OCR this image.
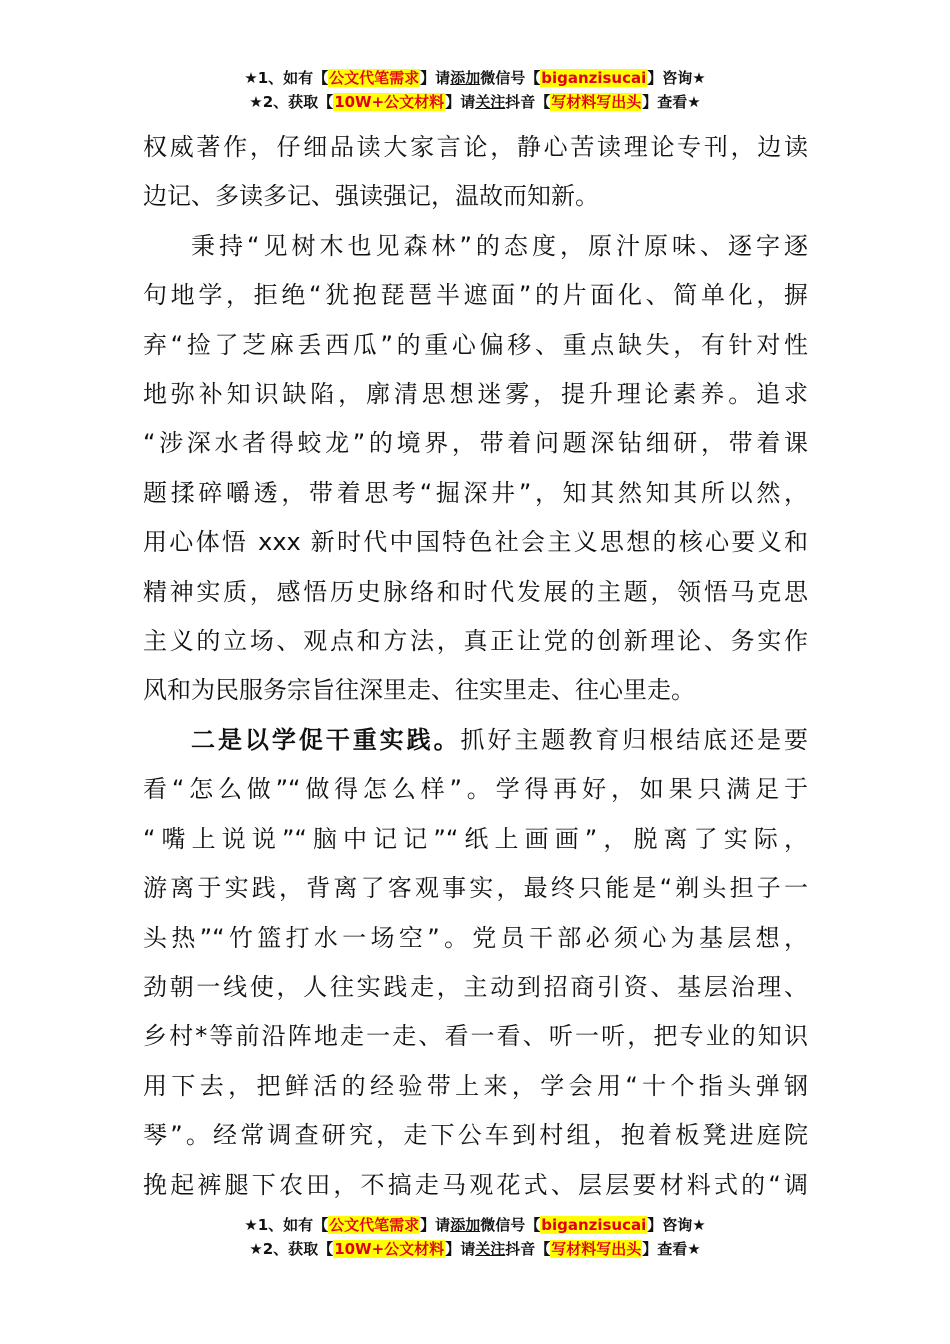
★1、如有【公文代笔需求】请添加微信号【biganzisucai】咨询★
★2、获取【10W+公文材料】请关注抖音【写材料写出头】查看★

权威著作，仔细品读大家言论，静心苦读理论专刊，边读
边记、多读多记、强读强记，温故而知新。

秉持“见树木也见森林”的态度，原汁原味、逐字逐
句地学，拒绝“犹抱琵琶半遮面”的片面化、简单化，摒
弃“捡了芝麻丢西瓜”的重心偏移、重点缺失，有针对性
地弥补知识缺陷，廓清思想迷雾，提升理论素养。追求
“涉深水者得蛟龙”的境界，带着问题深钻细研，带着课
题揉碎嚼透，带着思考“掘深井”，知其然知其所以然，
用心体悟 xxx 新时代中国特色社会主义思想的核心要义和
精神实质，感悟历史脉络和时代发展的主题，领悟马克思
主义的立场、观点和方法，真正让党的创新理论、务实作
风和为民服务宗旨往深里走、往实里走、往心里走。

二是以学促干重实践。抓好主题教育归根结底还是要
看“怎么做”“做得怎么样”。学得再好，如果只满足于
“嘴上说说”“脑中记记”“纸上画画”，脱离了实际，
游离于实践，背离了客观事实，最终只能是“剃头担子一
头热”“竹篮打水一场空”。党员干部必须心为基层想，
劲朝一线使，人往实践走，主动到招商引资、基层治理、
乡村*等前沿阵地走一走、看一看、听一听，把专业的知识
用下去，把鲜活的经验带上来，学会用“十个指头弹钢
琴”。经常调查研究，走下公车到村组，抱着板凳进庭院
挽起裤腿下农田，不搞走马观花式、层层要材料式的“调

★1、如有【公文代笔需求】请添加微信号【biganzisucai】咨询★
★2、获取【10W+公文材料】请关注抖音【写材料写出头】查看★
